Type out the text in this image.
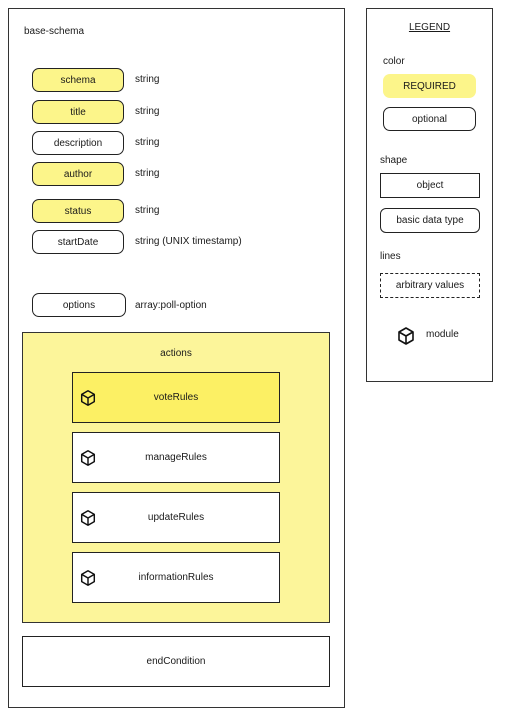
base-schema
schema	string
title	string
description	string
author	string
status	string
startDate	string (UNIX timestamp)
options	array:poll-option
actions
voteRules
manageRules
updateRules
informationRules
endCondition
LEGEND
color
REQUIRED
optional
shape
object
basic data type
lines
arbitrary values
module
